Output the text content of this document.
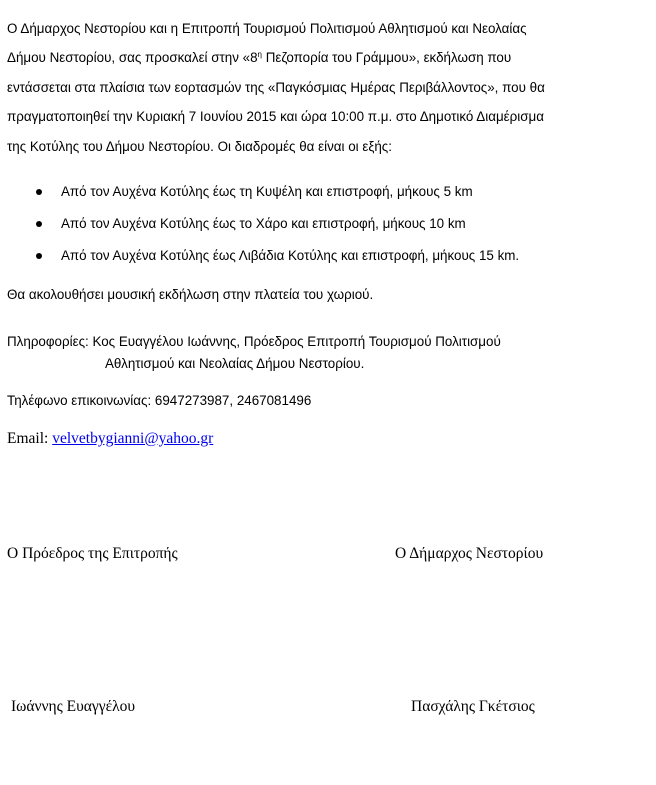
Ο Δήμαρχος Νεστορίου και η Επιτροπή Τουρισμού Πολιτισμού Αθλητισμού και Νεολαίας
Δήμου Νεστορίου, σας προσκαλεί στην «$8^\eta$ Πεζοπορία του Γράμμου», εκδήλωση που
εντάσσεται στα πλαίσια των εορτασμών της «Παγκόσμιας Ημέρας Περιβάλλοντος», που θα
πραγματοποιηθεί την Κυριακή 7 Ιουνίου 2015 και ώρα 10:00 π.μ. στο Δημοτικό Διαμέρισμα
της Κοτύλης του Δήμου Νεστορίου. Οι διαδρομές θα είναι οι εξής:

Από τον Αυχένα Κοτύλης έως τη Κυψέλη και επιστροφή, μήκους 5 km
Από τον Αυχένα Κοτύλης έως το Χάρο και επιστροφή, μήκους 10 km
Από τον Αυχένα Κοτύλης έως Λιβάδια Κοτύλης και επιστροφή, μήκους 15 km.
Θα ακολουθήσει μουσική εκδήλωση στην πλατεία του χωριού.
Πληροφορίες: Κος Ευαγγέλου Ιωάννης, Πρόεδρος Επιτροπή Τουρισμού Πολιτισμού
Αθλητισμού και Νεολαίας Δήμου Νεστορίου.
Τηλέφωνο επικοινωνίας: 6947273987, 2467081496
Email: velvetbygianni@yahoo.gr
Ο Πρόεδρος της Επιτροπής	Ο Δήμαρχος Νεστορίου
Ιωάννης Ευαγγέλου	Πασχάλης Γκέτσιος
